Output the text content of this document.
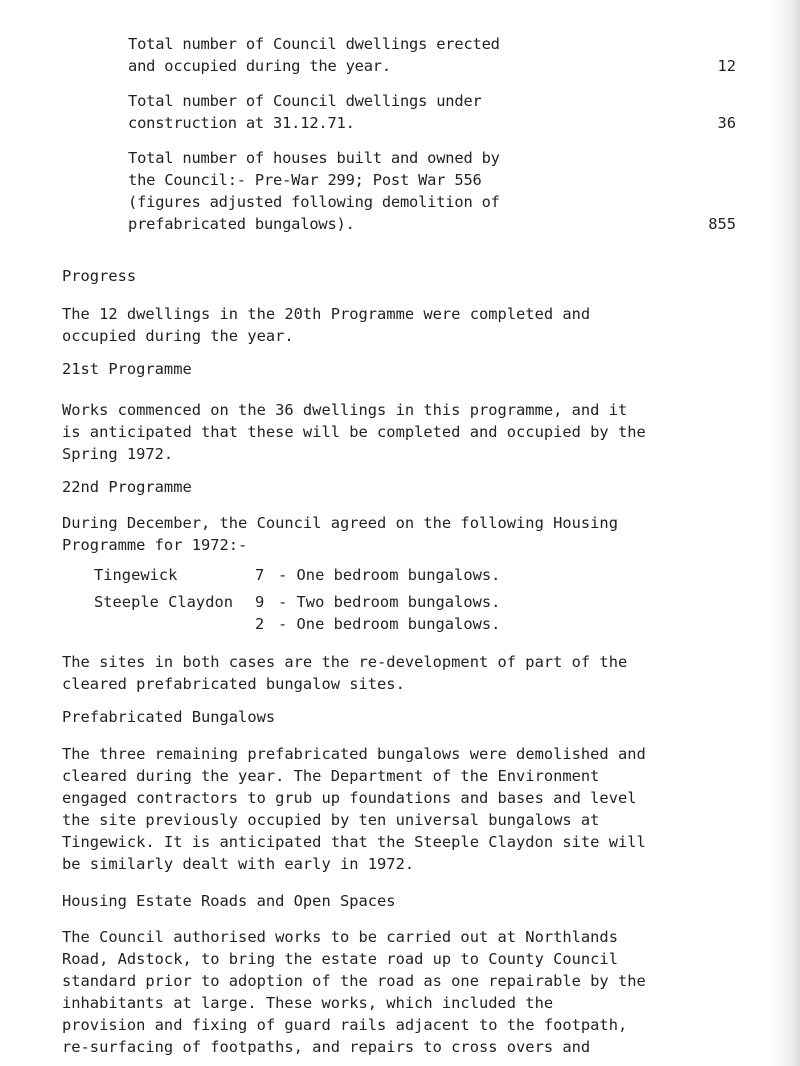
Total number of Council dwellings erected
and occupied during the year.	12
Total number of Council dwellings under
construction at 31.12.71.	36
Total number of houses built and owned by
the Council:- Pre-War 299; Post War 556
(figures adjusted following demolition of
prefabricated bungalows).	855
Progress
The 12 dwellings in the 20th Programme were completed and
occupied during the year.
21st Programme
Works commenced on the 36 dwellings in this programme, and it
is anticipated that these will be completed and occupied by the
Spring 1972.
22nd Programme
During December, the Council agreed on the following Housing
Programme for 1972:-
Tingewick	7 - One bedroom bungalows.
Steeple Claydon 9 - Two bedroom bungalows.
2 - One bedroom bungalows.
The sites in both cases are the re-development of part of the
cleared prefabricated bungalow sites.
Prefabricated Bungalows
The three remaining prefabricated bungalows were demolished and
cleared during the year. The Department of the Environment
engaged contractors to grub up foundations and bases and level
the site previously occupied by ten universal bungalows at
Tingewick. It is anticipated that the Steeple Claydon site will
be similarly dealt with early in 1972.
Housing Estate Roads and Open Spaces
The Council authorised works to be carried out at Northlands
Road, Adstock, to bring the estate road up to County Council
standard prior to adoption of the road as one repairable by the
inhabitants at large. These works, which included the
provision and fixing of guard rails adjacent to the footpath,
re-surfacing of footpaths, and repairs to cross overs and
